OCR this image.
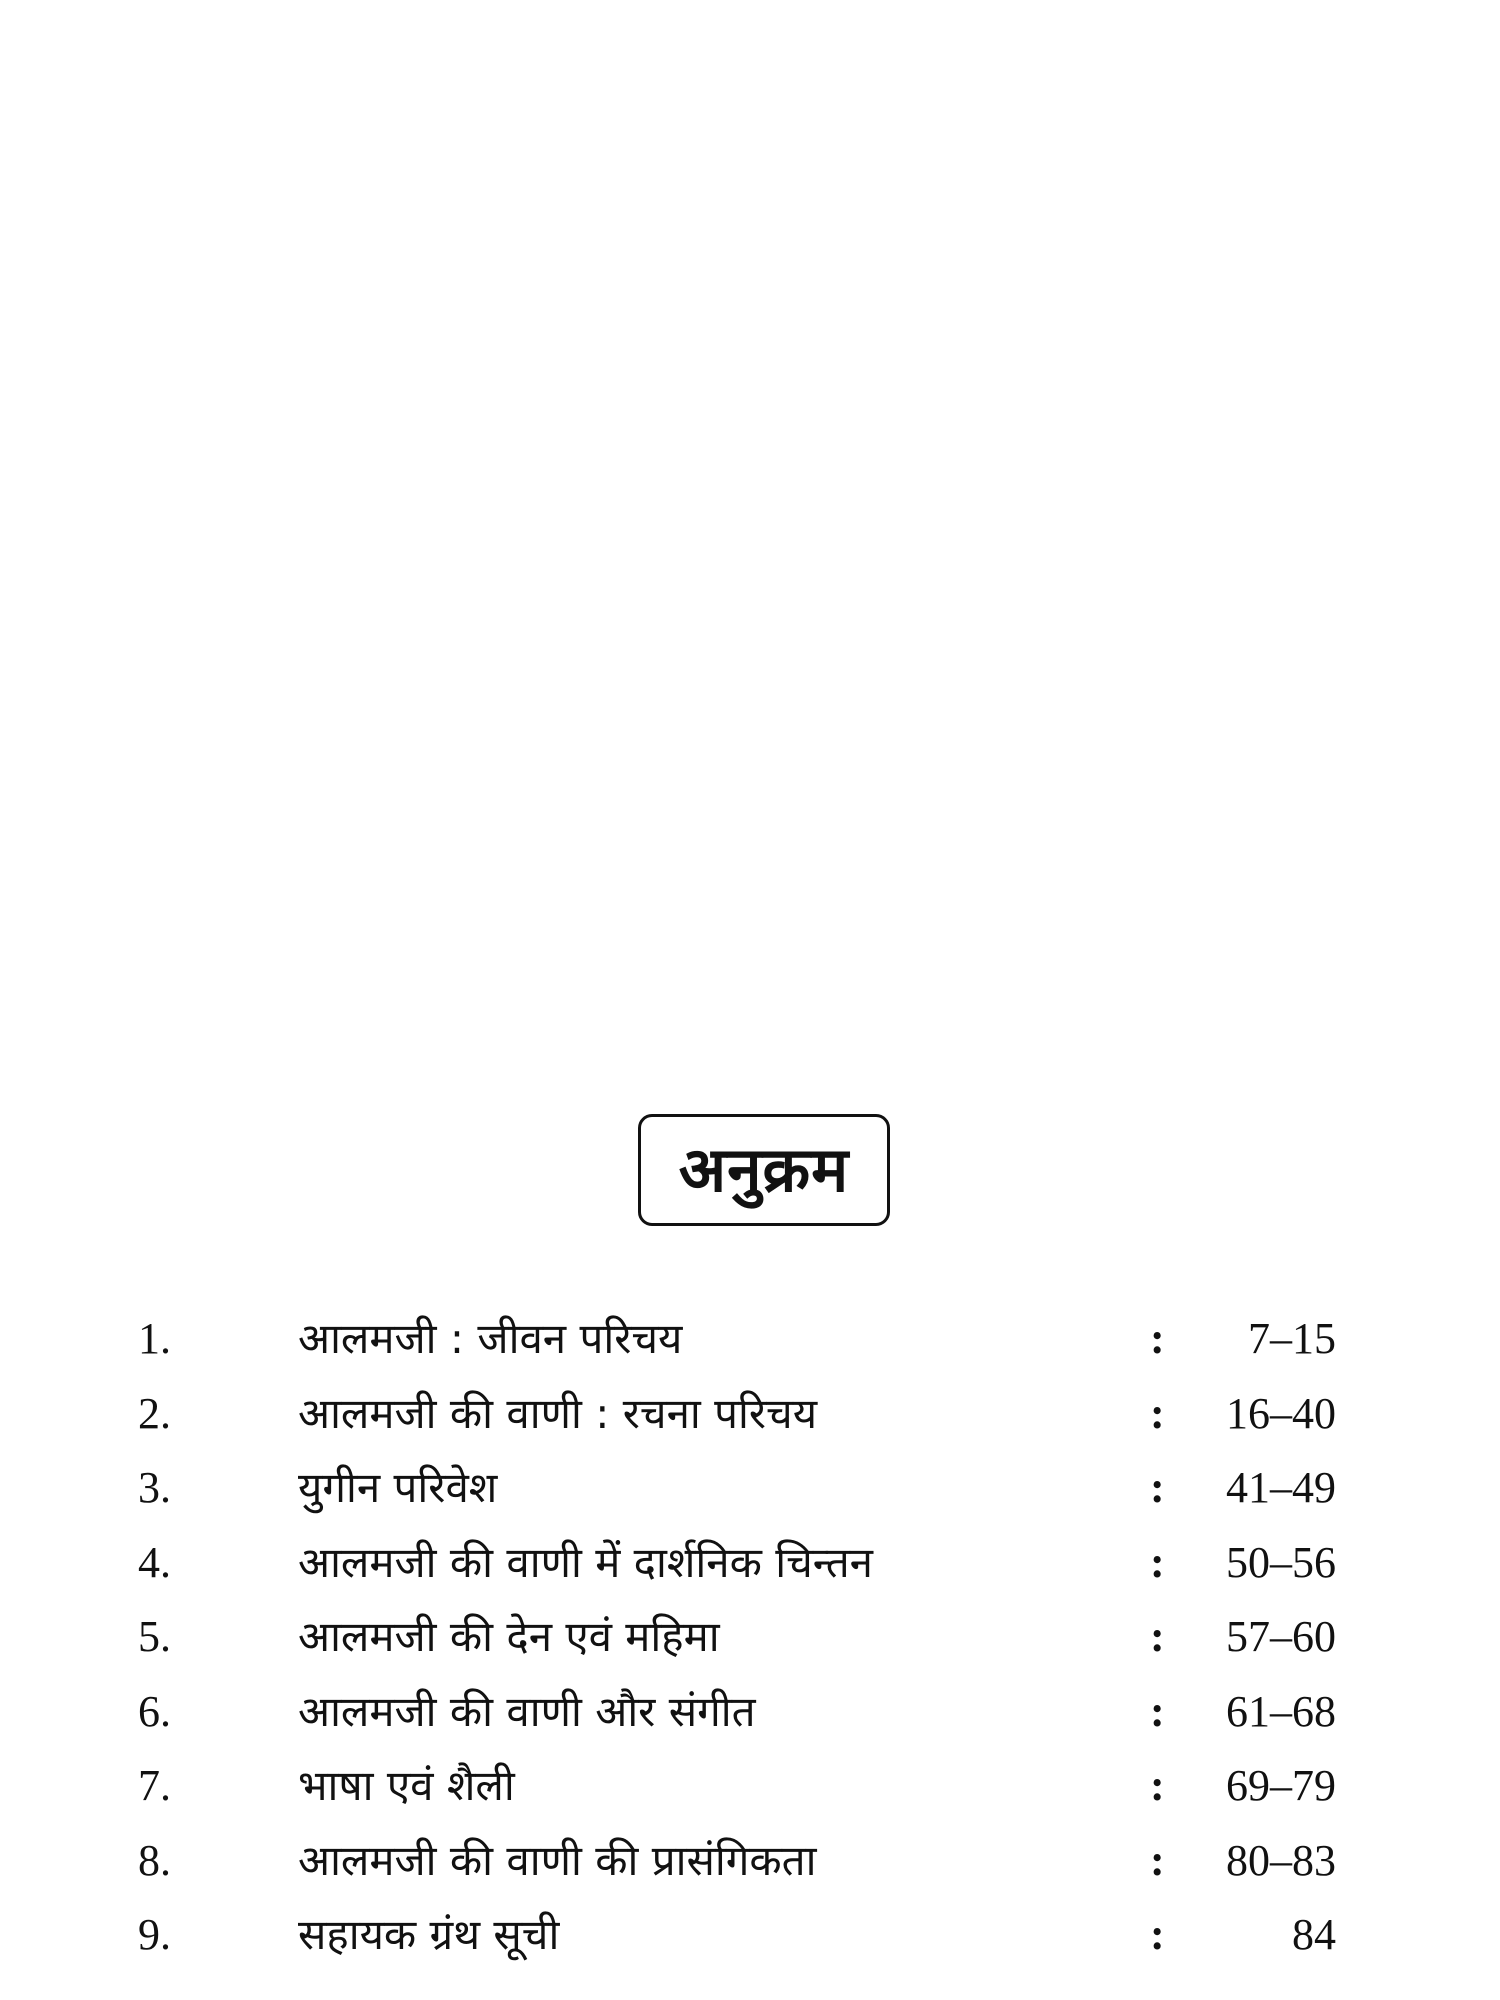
अनुक्रम
1.	आलमजी : जीवन परिचय	: 7–15
2.	आलमजी की वाणी : रचना परिचय	: 16–40
3.	युगीन परिवेश	: 41–49
4.	आलमजी की वाणी में दार्शनिक चिन्तन	: 50–56
5.	आलमजी की देन एवं महिमा	: 57–60
6.	आलमजी की वाणी और संगीत	: 61–68
7.	भाषा एवं शैली	: 69–79
8.	आलमजी की वाणी की प्रासंगिकता	: 80–83
9.	सहायक ग्रंथ सूची	:	84
